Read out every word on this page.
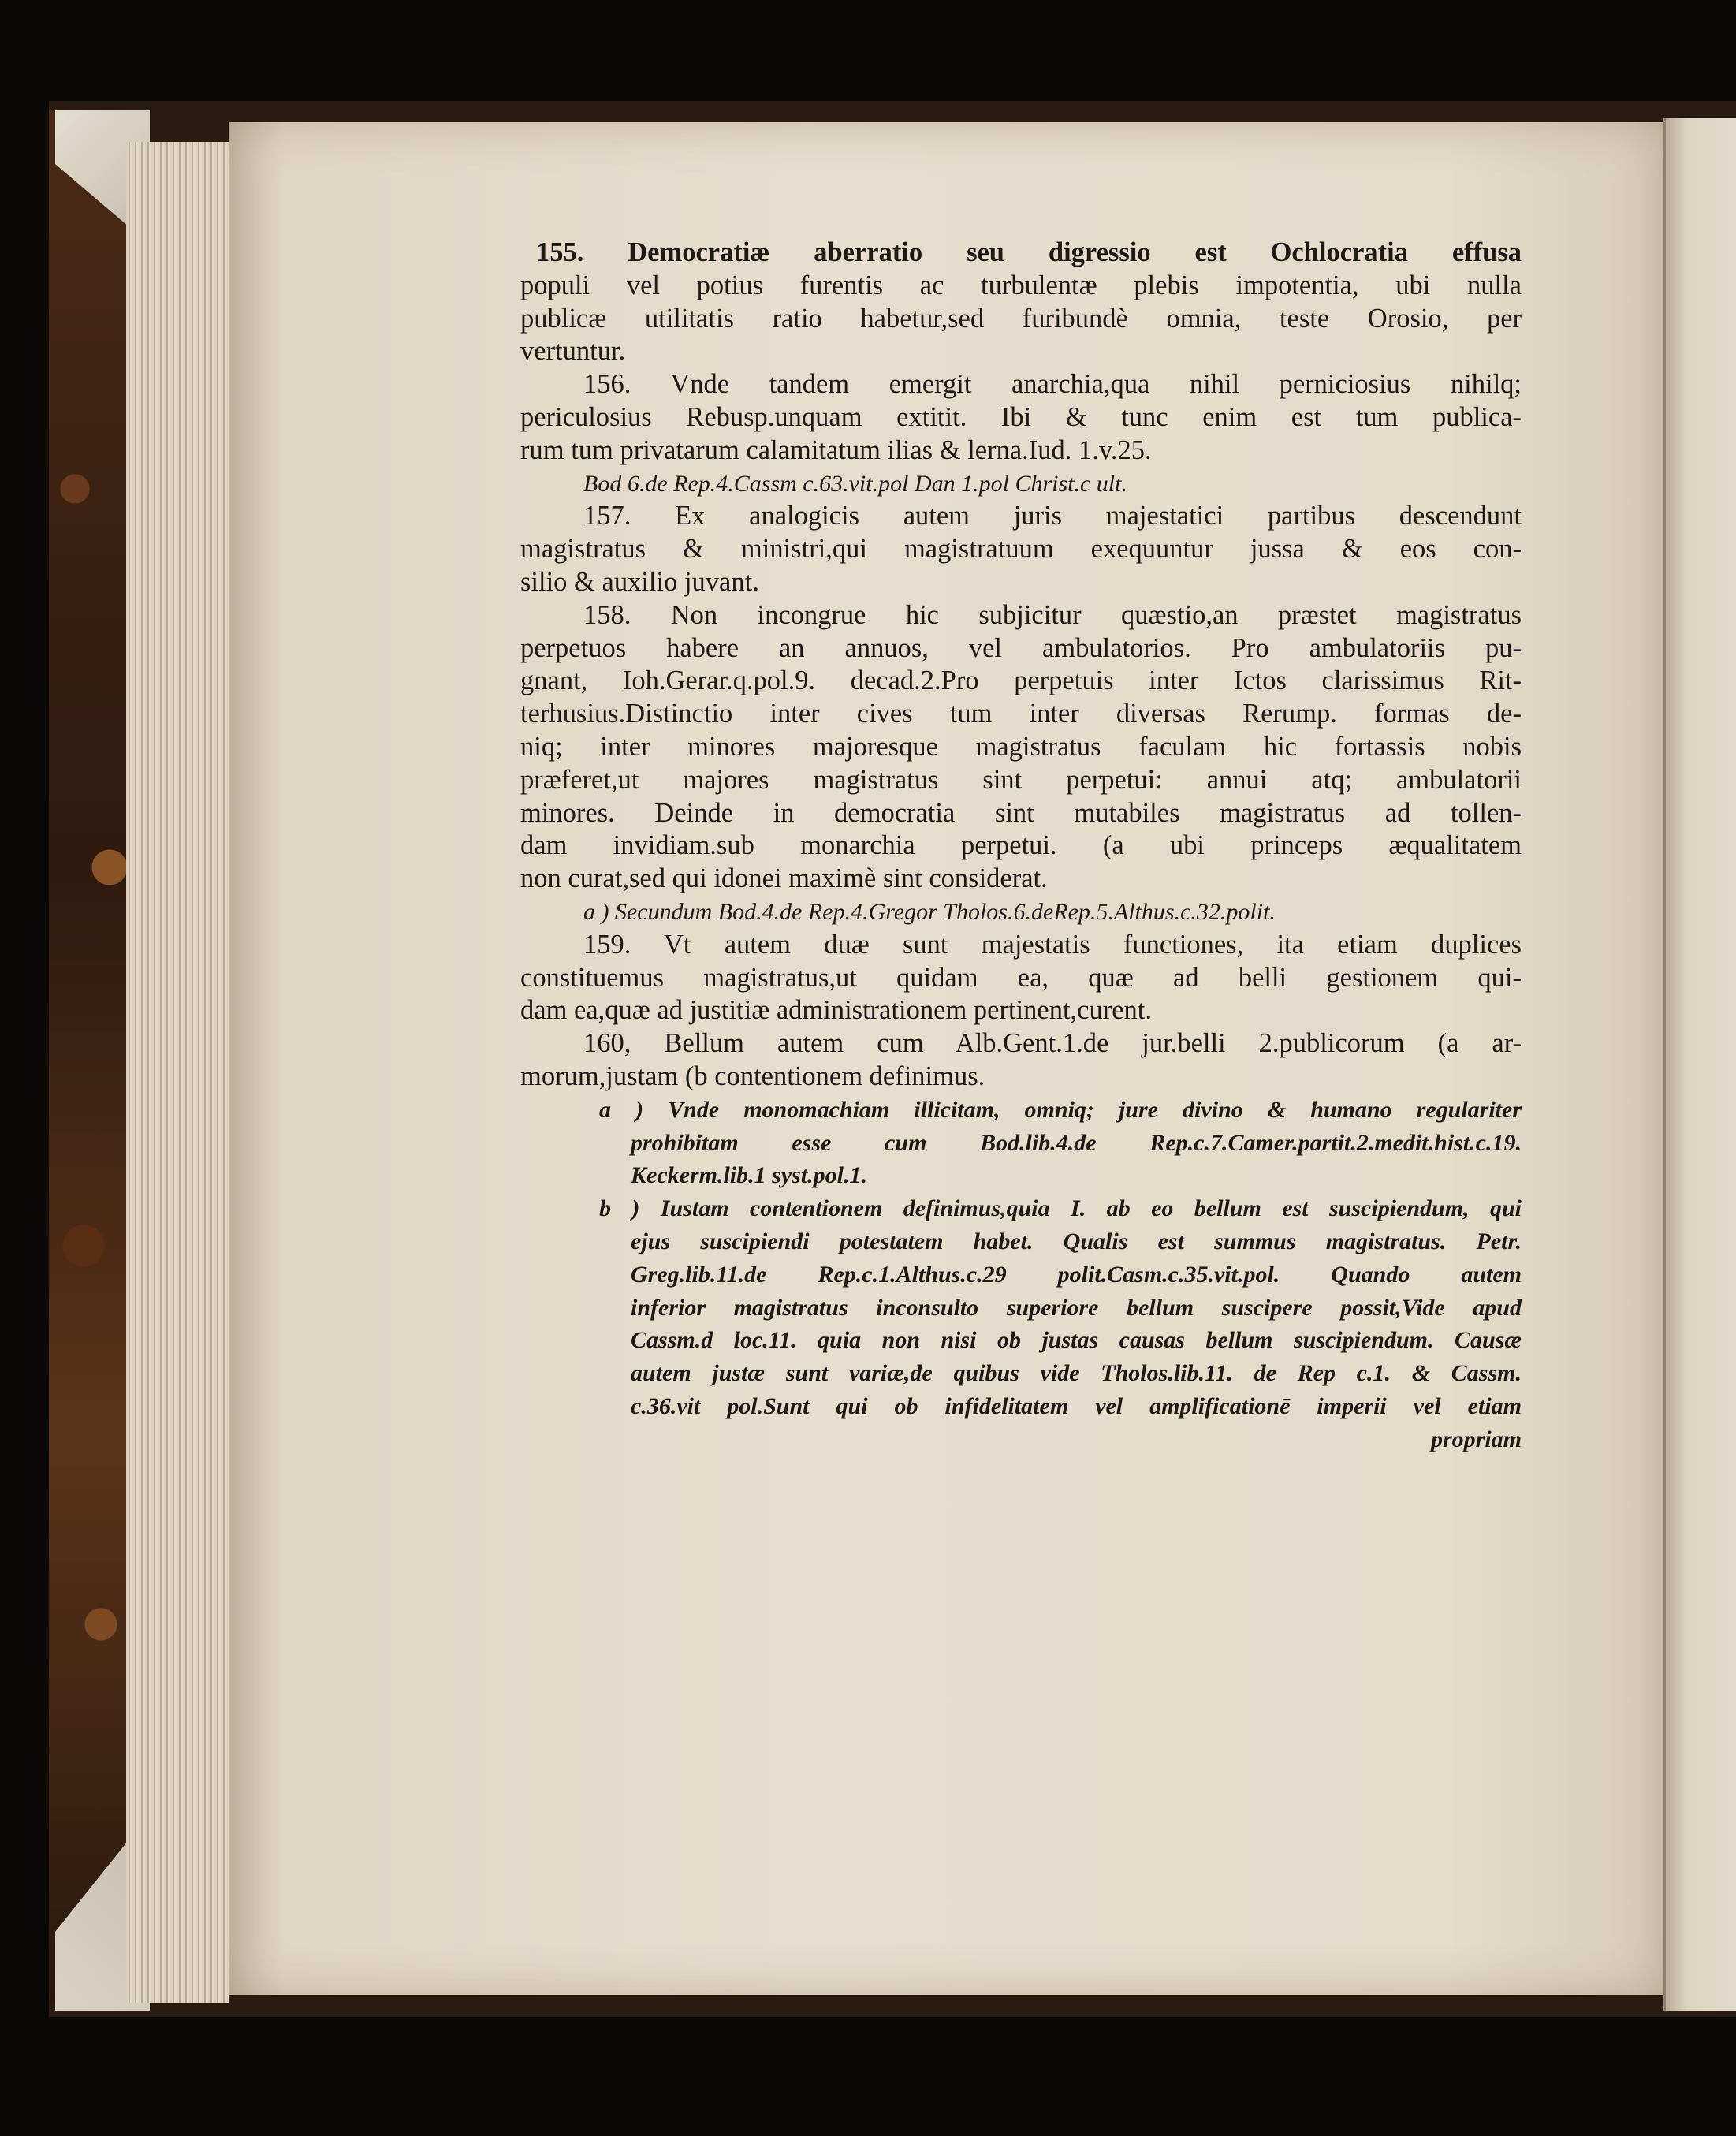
155. Democratiæ aberratio seu digressio est Ochlocratia effusa
populi vel potius furentis ac turbulentæ plebis impotentia, ubi nulla
publicæ utilitatis ratio habetur,sed furibundè omnia, teste Orosio, per
vertuntur.
156. Vnde tandem emergit anarchia,qua nihil perniciosius nihilq;
periculosius Rebusp.unquam extitit. Ibi & tunc enim est tum publica-
rum tum privatarum calamitatum ilias & lerna.Iud. 1.v.25.
Bod 6.de Rep.4.Cassm c.63.vit.pol Dan 1.pol Christ.c ult.
157. Ex analogicis autem juris majestatici partibus descendunt
magistratus & ministri,qui magistratuum exequuntur jussa & eos con-
silio & auxilio juvant.
158. Non incongrue hic subjicitur quæstio,an præstet magistratus
perpetuos habere an annuos, vel ambulatorios. Pro ambulatoriis pu-
gnant, Ioh.Gerar.q.pol.9. decad.2.Pro perpetuis inter Ictos clarissimus Rit-
terhusius.Distinctio inter cives tum inter diversas Rerump. formas de-
niq; inter minores majoresque magistratus faculam hic fortassis nobis
præferet,ut majores magistratus sint perpetui: annui atq; ambulatorii
minores. Deinde in democratia sint mutabiles magistratus ad tollen-
dam invidiam.sub monarchia perpetui. (a ubi princeps æqualitatem
non curat,sed qui idonei maximè sint considerat.
a ) Secundum Bod.4.de Rep.4.Gregor Tholos.6.deRep.5.Althus.c.32.polit.
159. Vt autem duæ sunt majestatis functiones, ita etiam duplices
constituemus magistratus,ut quidam ea, quæ ad belli gestionem qui-
dam ea,quæ ad justitiæ administrationem pertinent,curent.
160, Bellum autem cum Alb.Gent.1.de jur.belli 2.publicorum (a ar-
morum,justam (b contentionem definimus.
a ) Vnde monomachiam illicitam, omniq; jure divino & humano regulariter
prohibitam esse cum Bod.lib.4.de Rep.c.7.Camer.partit.2.medit.hist.c.19.
Keckerm.lib.1 syst.pol.1.
b ) Iustam contentionem definimus,quia I. ab eo bellum est suscipiendum, qui
ejus suscipiendi potestatem habet. Qualis est summus magistratus. Petr.
Greg.lib.11.de Rep.c.1.Althus.c.29 polit.Casm.c.35.vit.pol. Quando autem
inferior magistratus inconsulto superiore bellum suscipere possit,Vide apud
Cassm.d loc.11. quia non nisi ob justas causas bellum suscipiendum. Causæ
autem justæ sunt variæ,de quibus vide Tholos.lib.11. de Rep c.1. & Cassm.
c.36.vit pol.Sunt qui ob infidelitatem vel amplificationē imperii vel etiam
propriam
